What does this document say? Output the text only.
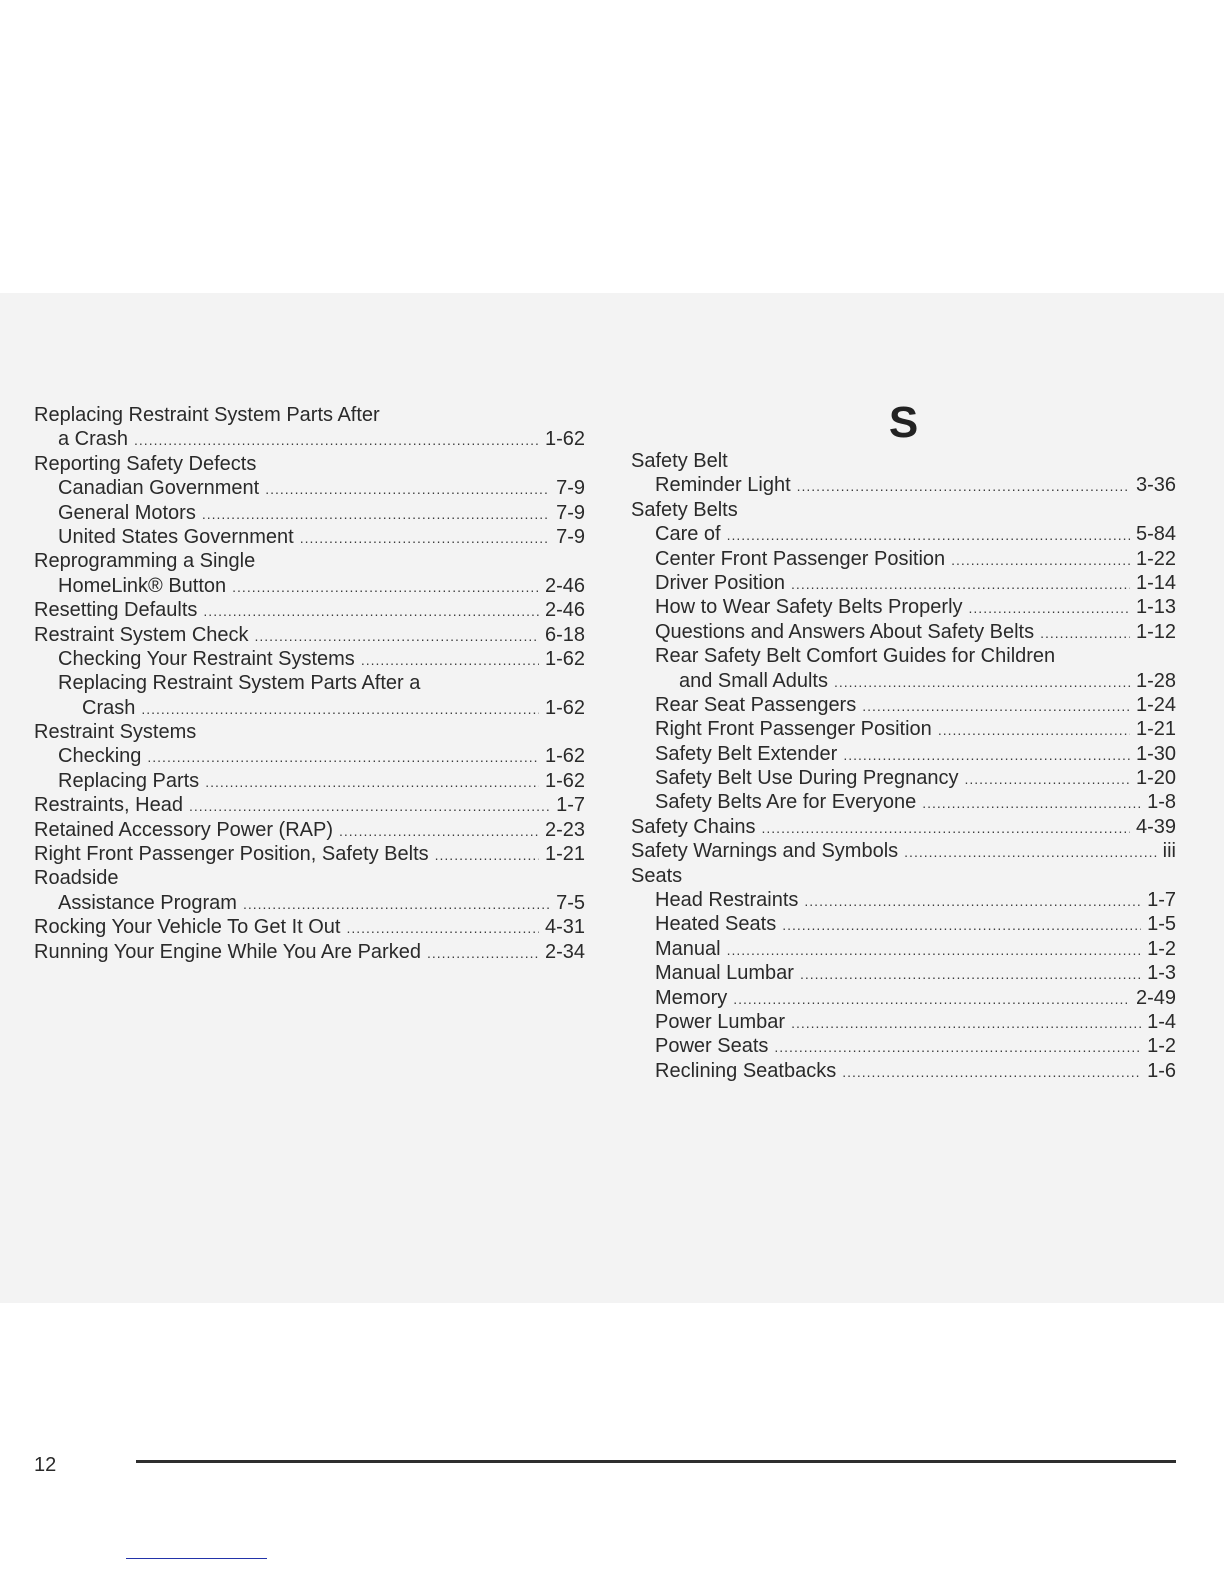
Replacing Restraint System Parts After
a Crash .....	1-62
Reporting Safety Defects
Canadian Government .....	7-9
General Motors .....	7-9
United States Government .....	7-9
Reprogramming a Single
HomeLink® Button .....	2-46
Resetting Defaults .....	2-46
Restraint System Check .....	6-18
Checking Your Restraint Systems .....	1-62
Replacing Restraint System Parts After a
Crash .....	1-62
Restraint Systems
Checking .....	1-62
Replacing Parts .....	1-62
Restraints, Head .....	1-7
Retained Accessory Power (RAP) .....	2-23
Right Front Passenger Position, Safety Belts .....	1-21
Roadside
Assistance Program .....	7-5
Rocking Your Vehicle To Get It Out .....	4-31
Running Your Engine While You Are Parked .....	2-34
S
Safety Belt
Reminder Light .....	3-36
Safety Belts
Care of .....	5-84
Center Front Passenger Position .....	1-22
Driver Position .....	1-14
How to Wear Safety Belts Properly .....	1-13
Questions and Answers About Safety Belts .....	1-12
Rear Safety Belt Comfort Guides for Children
and Small Adults .....	1-28
Rear Seat Passengers .....	1-24
Right Front Passenger Position .....	1-21
Safety Belt Extender .....	1-30
Safety Belt Use During Pregnancy .....	1-20
Safety Belts Are for Everyone .....	1-8
Safety Chains .....	4-39
Safety Warnings and Symbols .....	iii
Seats
Head Restraints .....	1-7
Heated Seats .....	1-5
Manual .....	1-2
Manual Lumbar .....	1-3
Memory .....	2-49
Power Lumbar .....	1-4
Power Seats .....	1-2
Reclining Seatbacks .....	1-6
12
